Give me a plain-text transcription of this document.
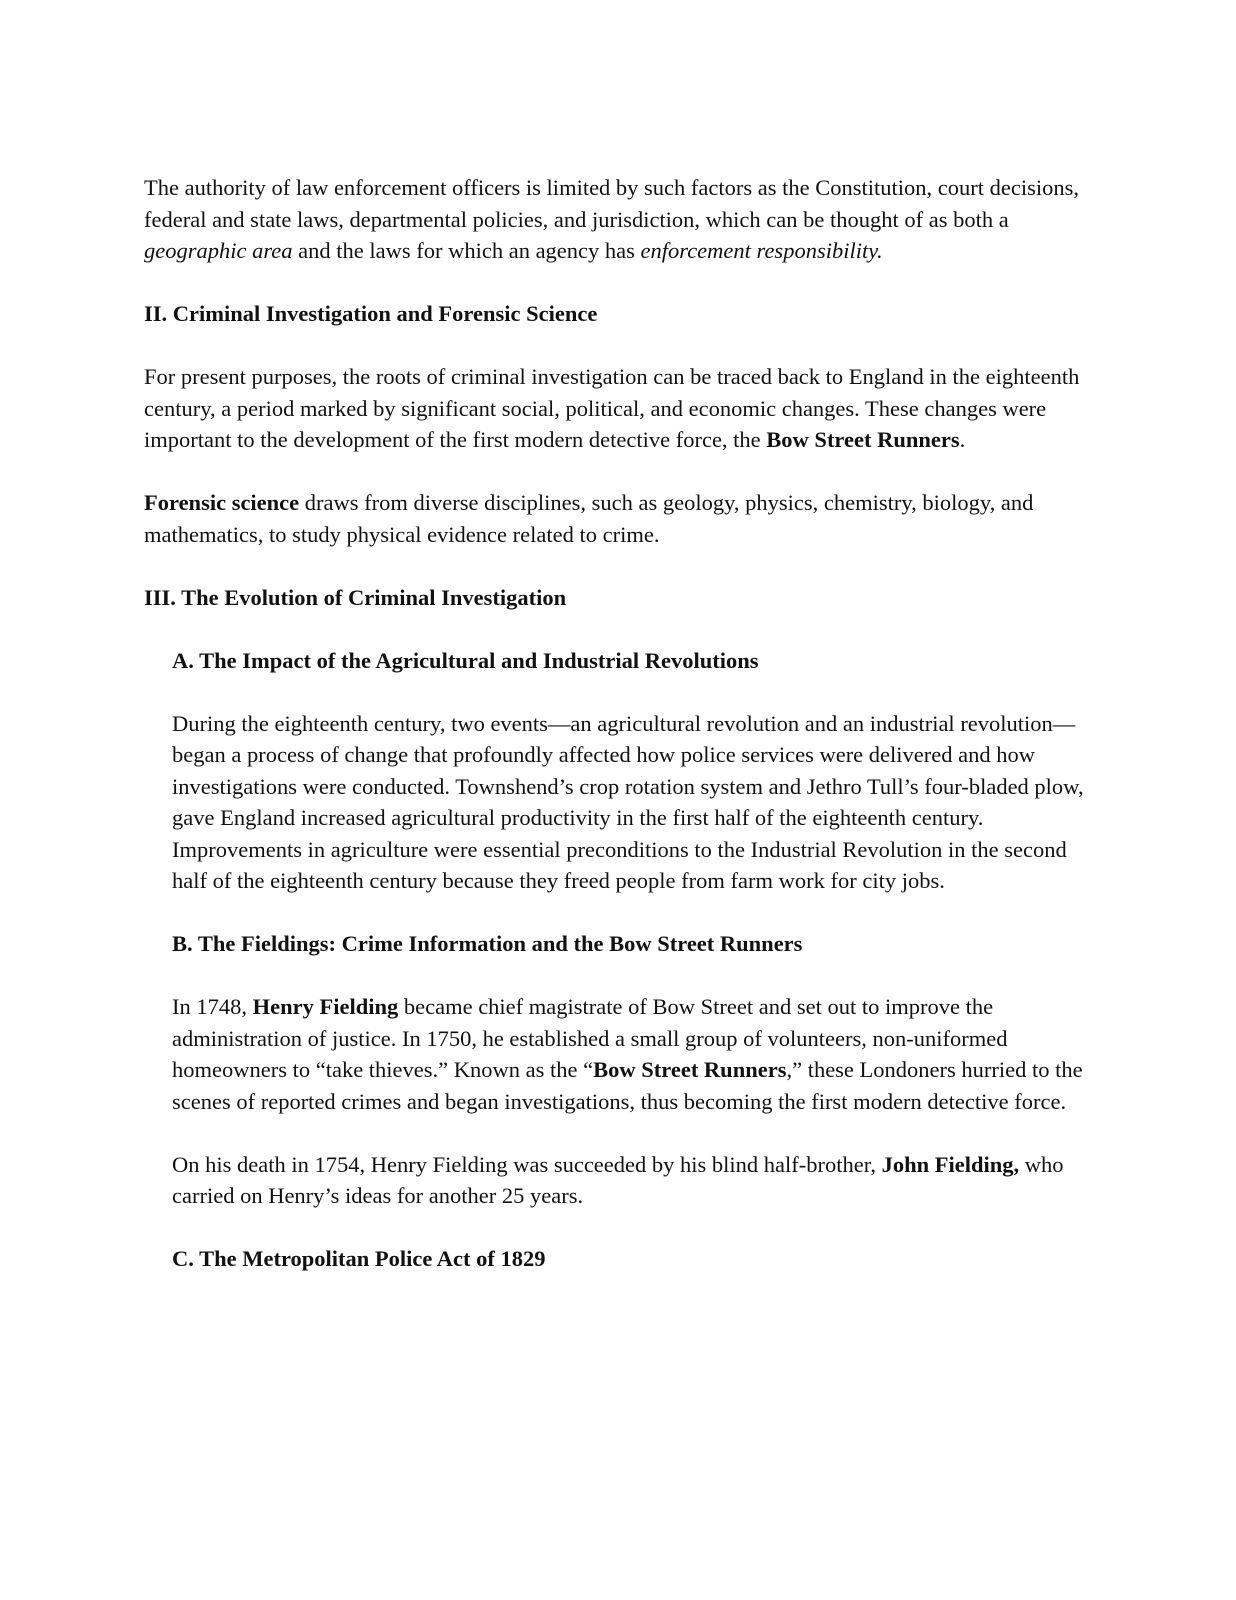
The authority of law enforcement officers is limited by such factors as the Constitution, court decisions, federal and state laws, departmental policies, and jurisdiction, which can be thought of as both a geographic area and the laws for which an agency has enforcement responsibility.

II. Criminal Investigation and Forensic Science

For present purposes, the roots of criminal investigation can be traced back to England in the eighteenth century, a period marked by significant social, political, and economic changes. These changes were important to the development of the first modern detective force, the Bow Street Runners.

Forensic science draws from diverse disciplines, such as geology, physics, chemistry, biology, and mathematics, to study physical evidence related to crime.

III. The Evolution of Criminal Investigation
A. The Impact of the Agricultural and Industrial Revolutions

During the eighteenth century, two events—an agricultural revolution and an industrial revolution—began a process of change that profoundly affected how police services were delivered and how investigations were conducted. Townshend’s crop rotation system and Jethro Tull’s four-bladed plow, gave England increased agricultural productivity in the first half of the eighteenth century. Improvements in agriculture were essential preconditions to the Industrial Revolution in the second half of the eighteenth century because they freed people from farm work for city jobs.

B. The Fieldings: Crime Information and the Bow Street Runners

In 1748, Henry Fielding became chief magistrate of Bow Street and set out to improve the administration of justice. In 1750, he established a small group of volunteers, non-uniformed homeowners to “take thieves.” Known as the “Bow Street Runners,” these Londoners hurried to the scenes of reported crimes and began investigations, thus becoming the first modern detective force.

On his death in 1754, Henry Fielding was succeeded by his blind half-brother, John Fielding, who carried on Henry’s ideas for another 25 years.

C. The Metropolitan Police Act of 1829
